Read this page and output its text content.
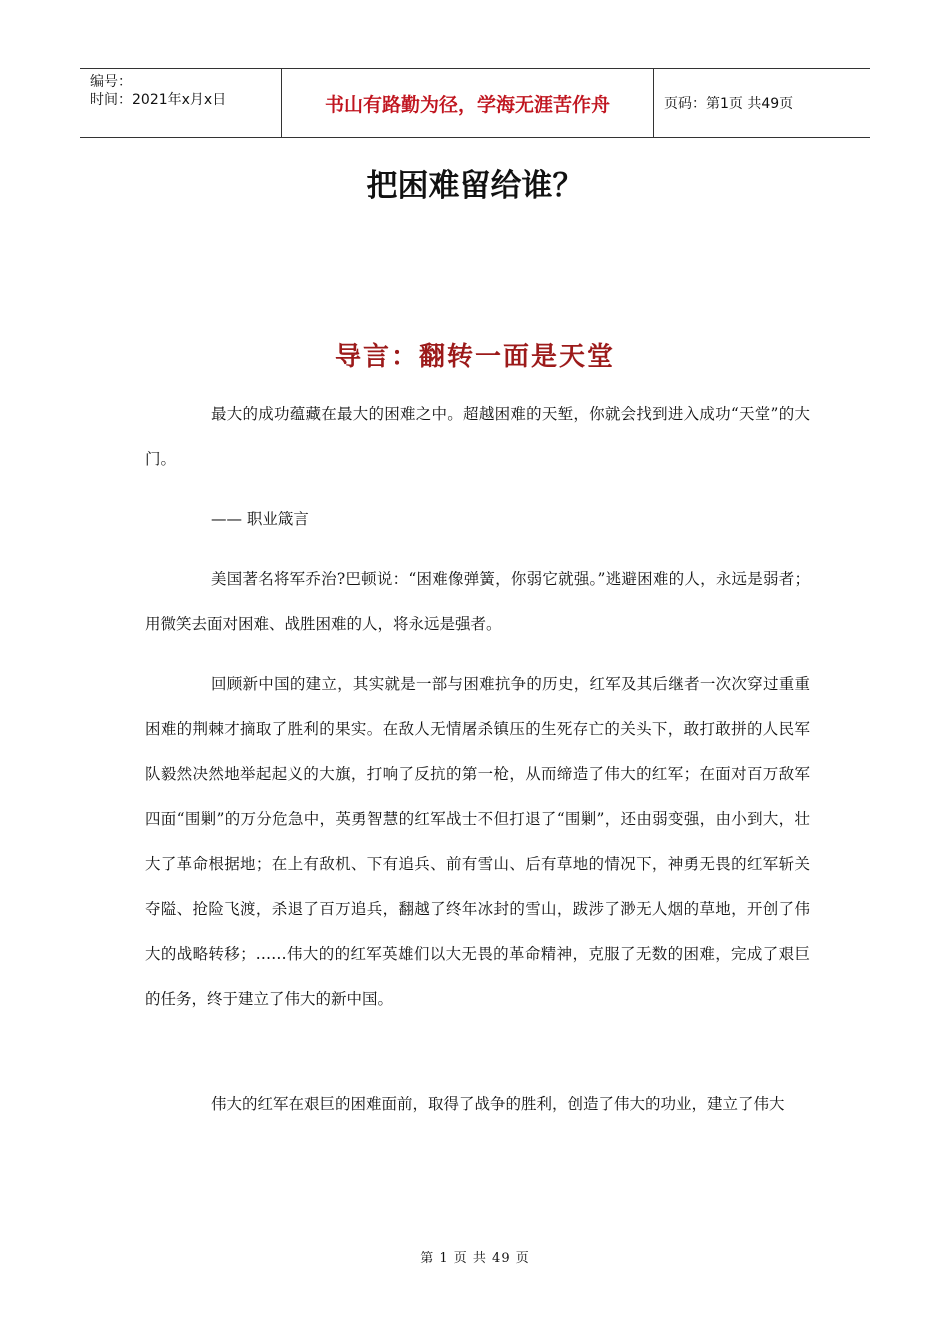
编号：
时间：2021年x月x日	书山有路勤为径，学海无涯苦作舟	页码：第1页 共49页
把困难留给谁？
导言：翻转一面是天堂

最大的成功蕴藏在最大的困难之中。超越困难的天堑，你就会找到进入成功“天堂”的大门。

—— 职业箴言

美国著名将军乔治?巴顿说：“困难像弹簧，你弱它就强。”逃避困难的人，永远是弱者；用微笑去面对困难、战胜困难的人，将永远是强者。

回顾新中国的建立，其实就是一部与困难抗争的历史，红军及其后继者一次次穿过重重困难的荆棘才摘取了胜利的果实。在敌人无情屠杀镇压的生死存亡的关头下，敢打敢拼的人民军队毅然决然地举起起义的大旗，打响了反抗的第一枪，从而缔造了伟大的红军；在面对百万敌军四面“围剿”的万分危急中，英勇智慧的红军战士不但打退了“围剿”，还由弱变强，由小到大，壮大了革命根据地；在上有敌机、下有追兵、前有雪山、后有草地的情况下，神勇无畏的红军斩关夺隘、抢险飞渡，杀退了百万追兵，翻越了终年冰封的雪山，跋涉了渺无人烟的草地，开创了伟大的战略转移；……伟大的的红军英雄们以大无畏的革命精神，克服了无数的困难，完成了艰巨的任务，终于建立了伟大的新中国。

伟大的红军在艰巨的困难面前，取得了战争的胜利，创造了伟大的功业，建立了伟大

第 1 页 共 49 页
